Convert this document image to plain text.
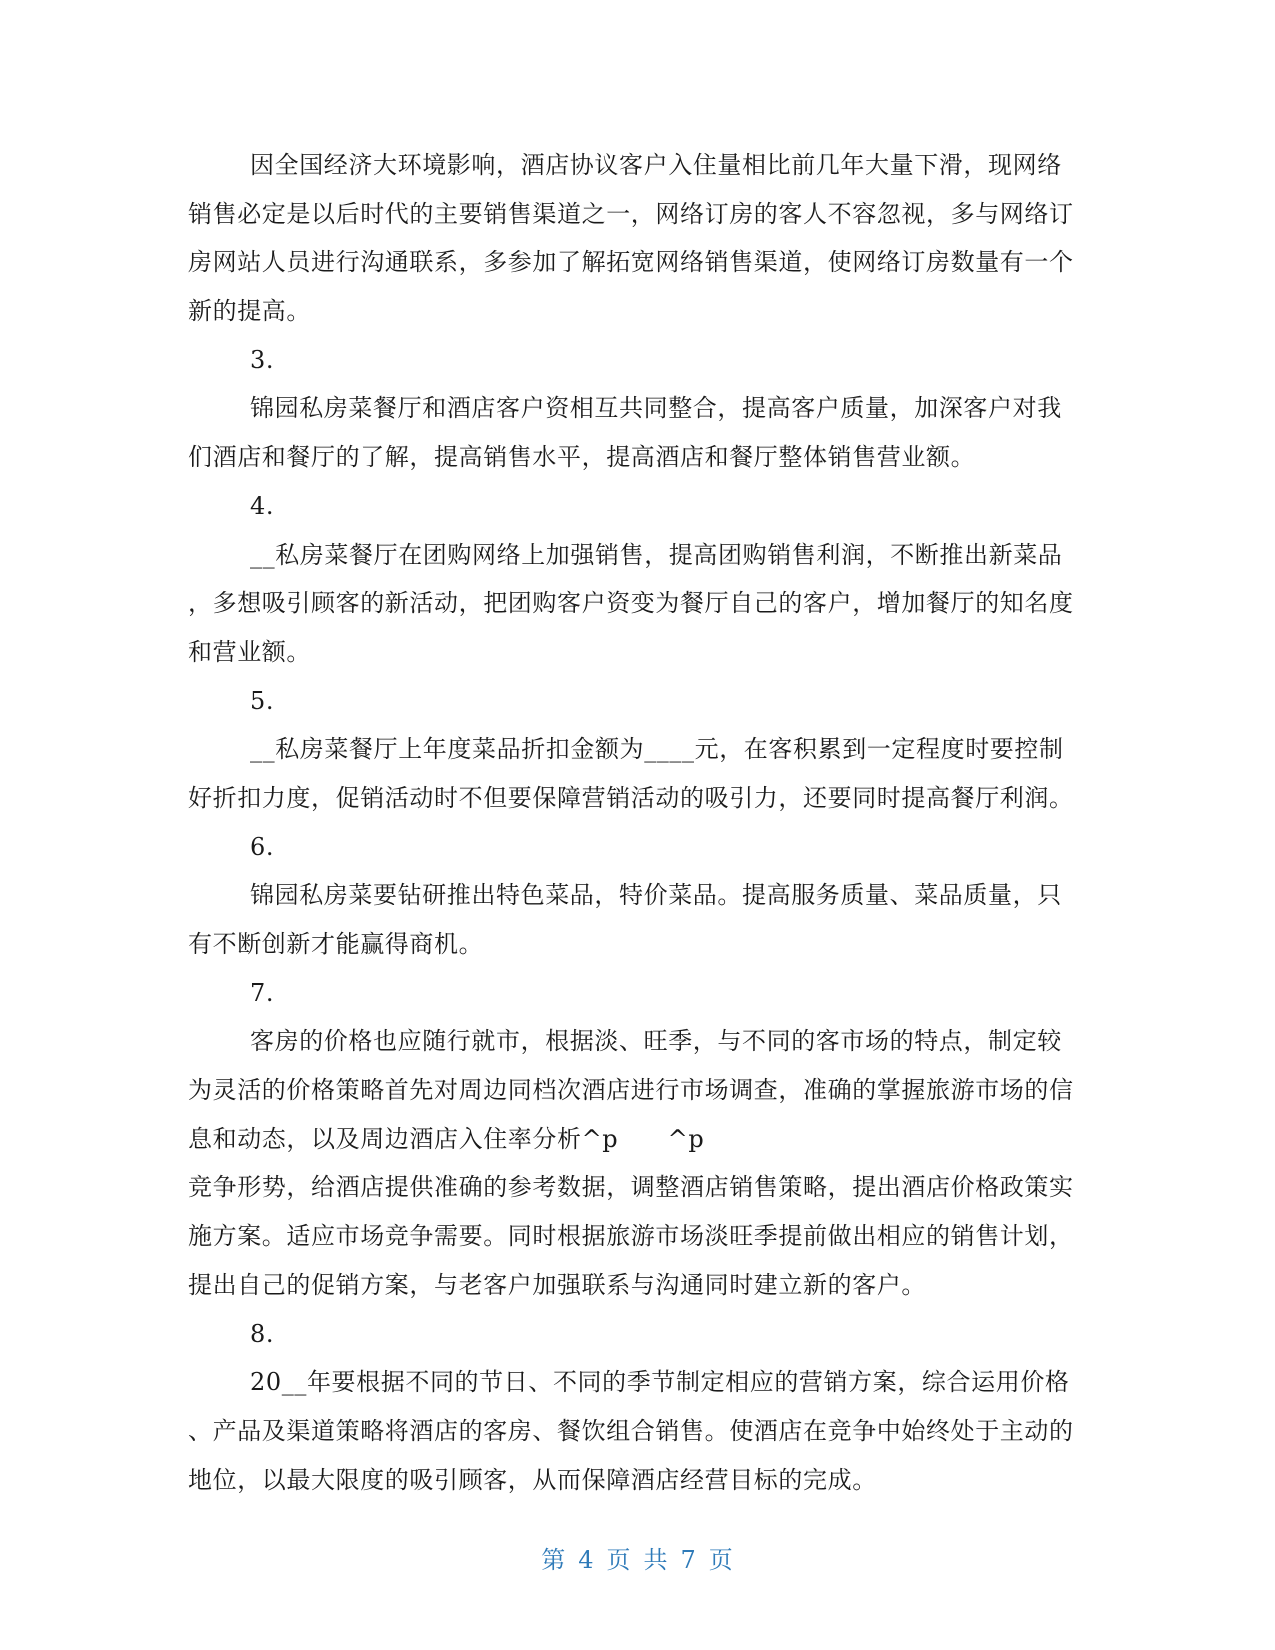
因全国经济大环境影响，酒店协议客户入住量相比前几年大量下滑，现网络
销售必定是以后时代的主要销售渠道之一，网络订房的客人不容忽视，多与网络订
房网站人员进行沟通联系，多参加了解拓宽网络销售渠道，使网络订房数量有一个
新的提高。
3.
锦园私房菜餐厅和酒店客户资相互共同整合，提高客户质量，加深客户对我
们酒店和餐厅的了解，提高销售水平，提高酒店和餐厅整体销售营业额。
4.
__私房菜餐厅在团购网络上加强销售，提高团购销售利润，不断推出新菜品
，多想吸引顾客的新活动，把团购客户资变为餐厅自己的客户，增加餐厅的知名度
和营业额。
5.
__私房菜餐厅上年度菜品折扣金额为____元，在客积累到一定程度时要控制
好折扣力度，促销活动时不但要保障营销活动的吸引力，还要同时提高餐厅利润。
6.
锦园私房菜要钻研推出特色菜品，特价菜品。提高服务质量、菜品质量，只
有不断创新才能赢得商机。
7.
客房的价格也应随行就市，根据淡、旺季，与不同的客市场的特点，制定较
为灵活的价格策略首先对周边同档次酒店进行市场调查，准确的掌握旅游市场的信
息和动态，以及周边酒店入住率分析^p      ^p
竞争形势，给酒店提供准确的参考数据，调整酒店销售策略，提出酒店价格政策实
施方案。适应市场竞争需要。同时根据旅游市场淡旺季提前做出相应的销售计划，
提出自己的促销方案，与老客户加强联系与沟通同时建立新的客户。
8.
20__年要根据不同的节日、不同的季节制定相应的营销方案，综合运用价格
、产品及渠道策略将酒店的客房、餐饮组合销售。使酒店在竞争中始终处于主动的
地位，以最大限度的吸引顾客，从而保障酒店经营目标的完成。
第 4 页 共 7 页
